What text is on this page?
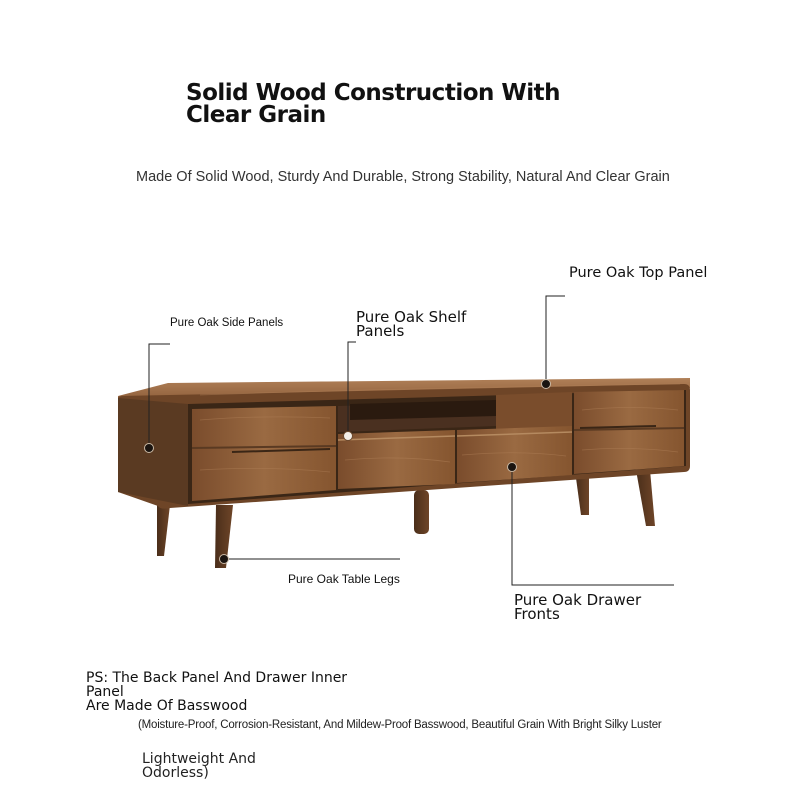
Solid Wood Construction With
Clear Grain
Made Of Solid Wood, Sturdy And Durable, Strong Stability, Natural And Clear Grain
Pure Oak Top Panel
Pure Oak Side Panels	Pure Oak Shelf
Panels
Pure Oak Table Legs
Pure Oak Drawer
Fronts
PS: The Back Panel And Drawer Inner Panel
Are Made Of Basswood
(Moisture-Proof, Corrosion-Resistant, And Mildew-Proof Basswood, Beautiful Grain With Bright Silky Luster
Lightweight And
Odorless)
